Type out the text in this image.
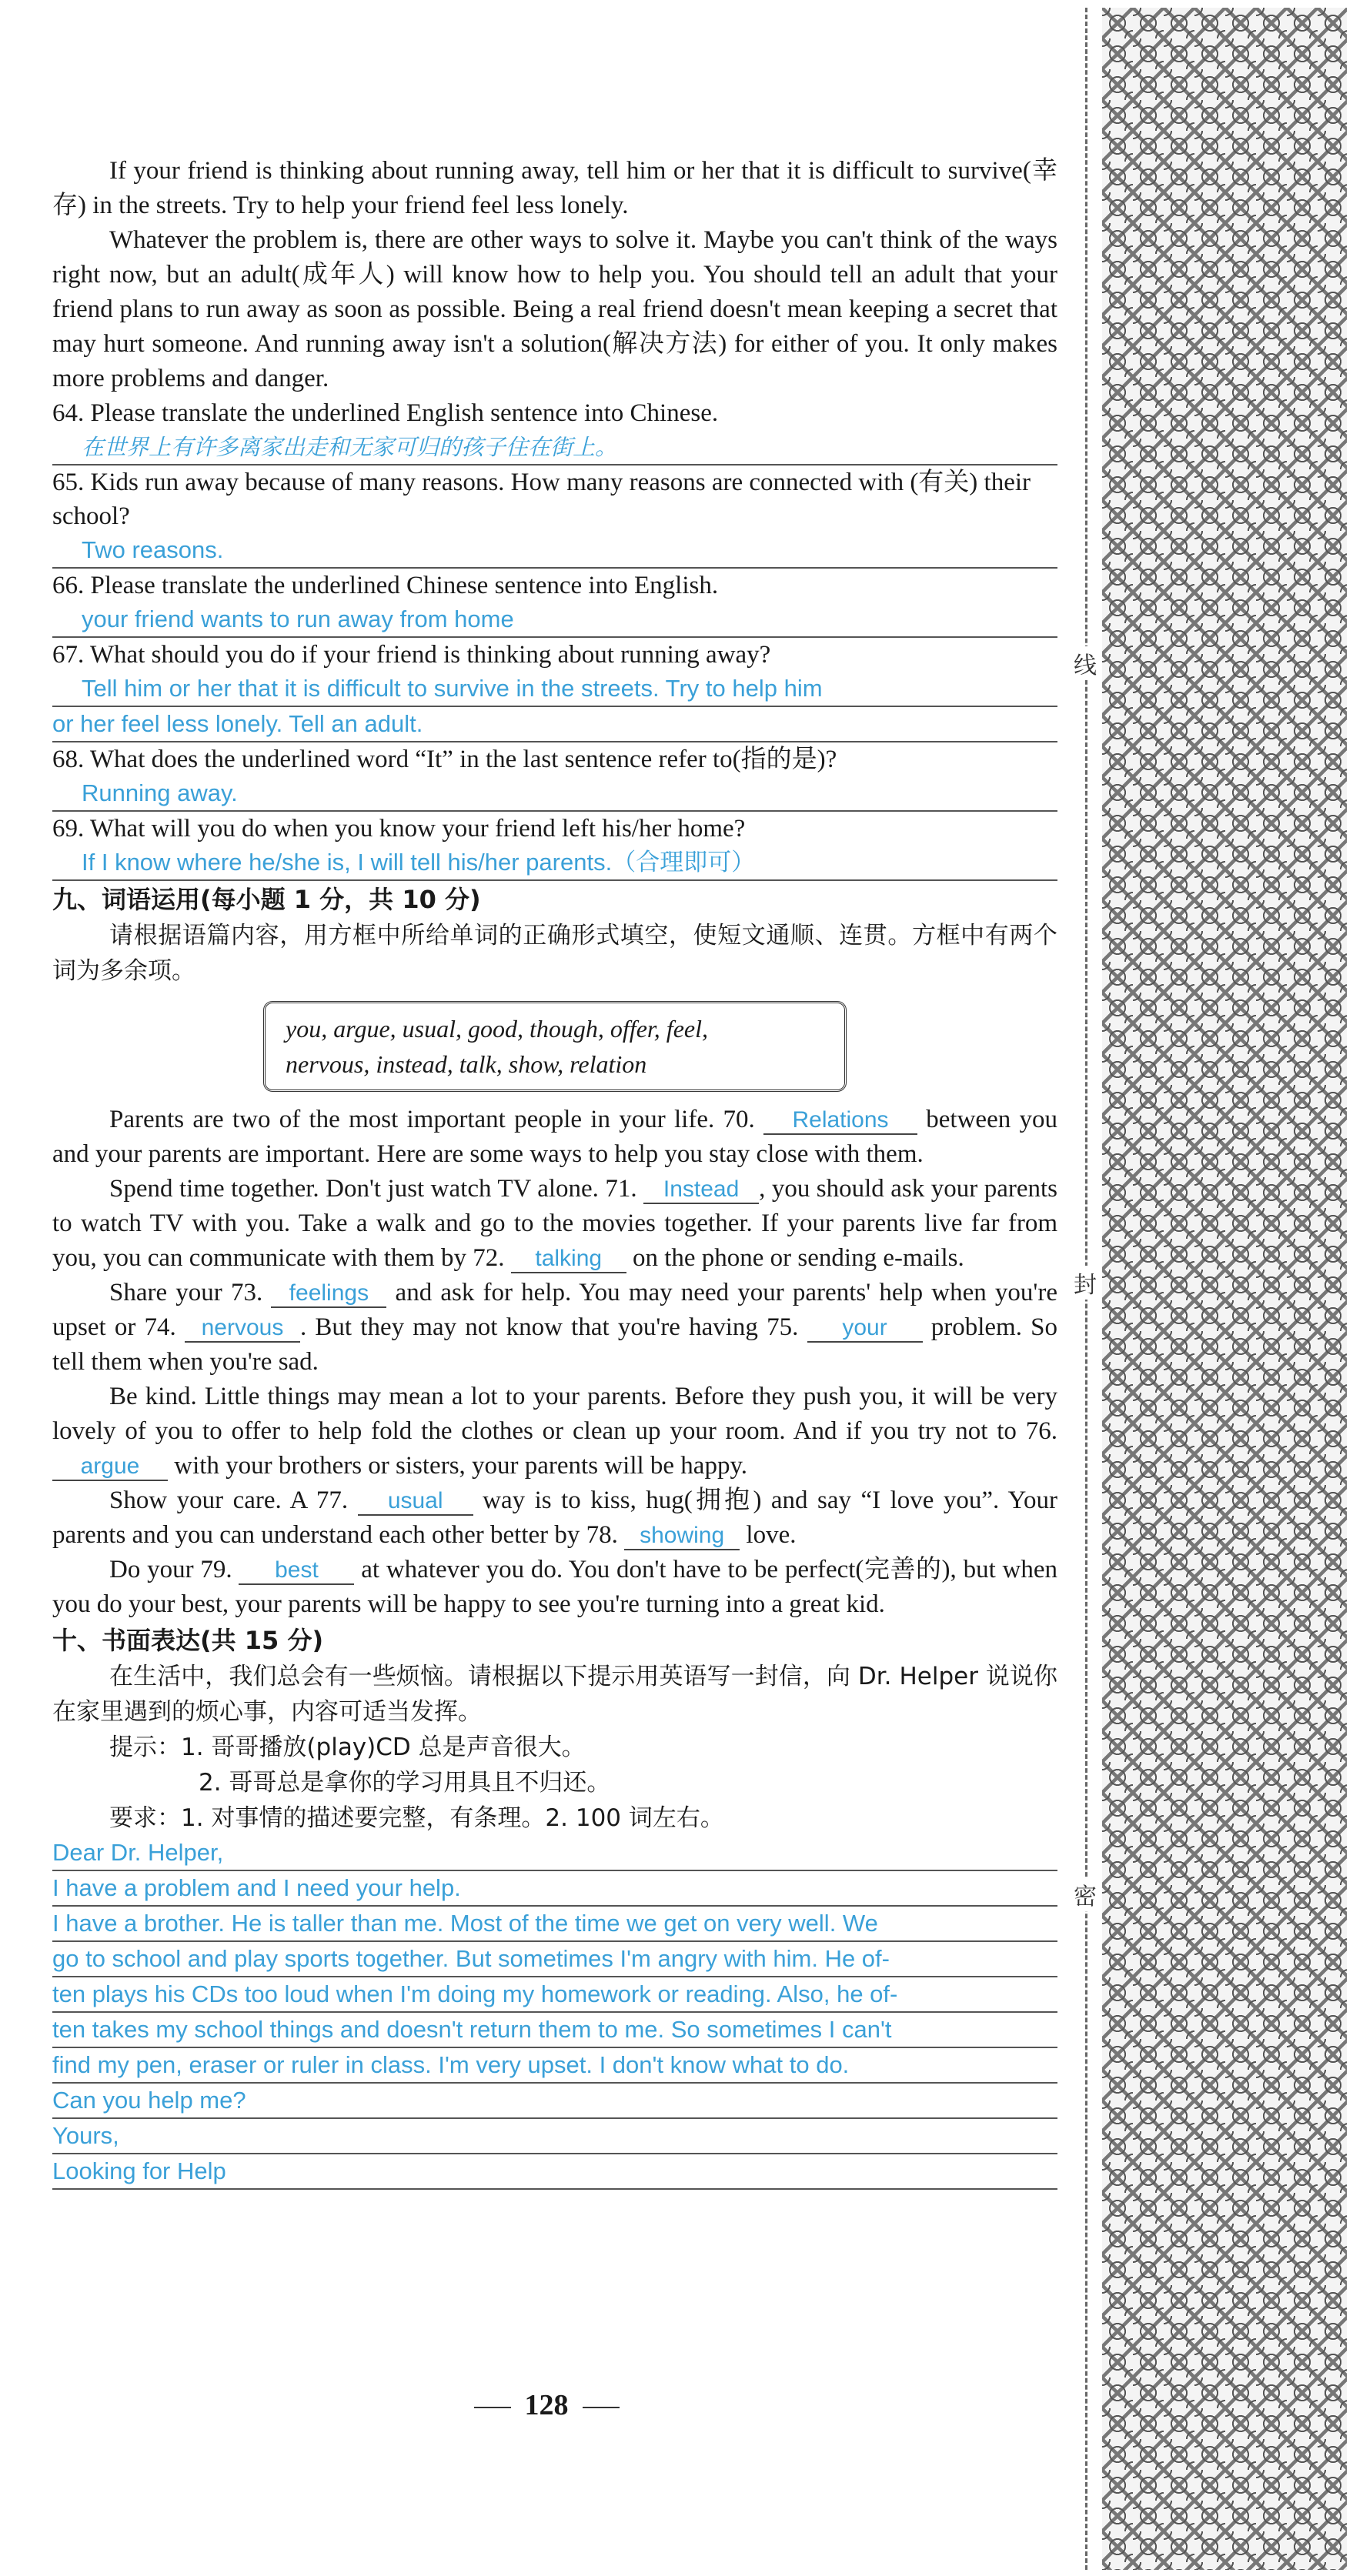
If your friend is thinking about running away, tell him or her that it is difficult to survive(幸存) in the streets. Try to help your friend feel less lonely.

Whatever the problem is, there are other ways to solve it. Maybe you can't think of the ways right now, but an adult(成年人) will know how to help you. You should tell an adult that your friend plans to run away as soon as possible. Being a real friend doesn't mean keeping a secret that may hurt someone. And running away isn't a solution(解决方法) for either of you. It only makes more problems and danger.

64. Please translate the underlined English sentence into Chinese.
在世界上有许多离家出走和无家可归的孩子住在街上。
65. Kids run away because of many reasons. How many reasons are connected with (有关) their school?
Two reasons.
66. Please translate the underlined Chinese sentence into English.
your friend wants to run away from home
67. What should you do if your friend is thinking about running away?
Tell him or her that it is difficult to survive in the streets. Try to help him
or her feel less lonely. Tell an adult.
68. What does the underlined word “It” in the last sentence refer to(指的是)?
Running away.
69. What will you do when you know your friend left his/her home?
If I know where he/she is, I will tell his/her parents.（合理即可）
九、词语运用(每小题 1 分，共 10 分)

请根据语篇内容，用方框中所给单词的正确形式填空，使短文通顺、连贯。方框中有两个词为多余项。

you, argue, usual, good, though, offer, feel,
nervous, instead, talk, show, relation

Parents are two of the most important people in your life. 70. Relations between you and your parents are important. Here are some ways to help you stay close with them.

Spend time together. Don't just watch TV alone. 71. Instead , you should ask your parents to watch TV with you. Take a walk and go to the movies together. If your parents live far from you, you can communicate with them by 72. talking on the phone or sending e-mails.

Share your 73. feelings and ask for help. You may need your parents' help when you're upset or 74. nervous . But they may not know that you're having 75. your problem. So tell them when you're sad.

Be kind. Little things may mean a lot to your parents. Before they push you, it will be very lovely of you to offer to help fold the clothes or clean up your room. And if you try not to 76. argue with your brothers or sisters, your parents will be happy.

Show your care. A 77. usual way is to kiss, hug(拥抱) and say “I love you”. Your parents and you can understand each other better by 78. showing love.

Do your 79. best at whatever you do. You don't have to be perfect(完善的), but when you do your best, your parents will be happy to see you're turning into a great kid.

十、书面表达(共 15 分)

在生活中，我们总会有一些烦恼。请根据以下提示用英语写一封信，向 Dr. Helper 说说你在家里遇到的烦心事，内容可适当发挥。

提示：1. 哥哥播放(play)CD 总是声音很大。

2. 哥哥总是拿你的学习用具且不归还。

要求：1. 对事情的描述要完整，有条理。2. 100 词左右。

Dear Dr. Helper,
I have a problem and I need your help.
I have a brother. He is taller than me. Most of the time we get on very well. We
go to school and play sports together. But sometimes I'm angry with him. He of-
ten plays his CDs too loud when I'm doing my homework or reading. Also, he of-
ten takes my school things and doesn't return them to me. So sometimes I can't
find my pen, eraser or ruler in class. I'm very upset. I don't know what to do.
Can you help me?
Yours,
Looking for Help
128
线
封
密
